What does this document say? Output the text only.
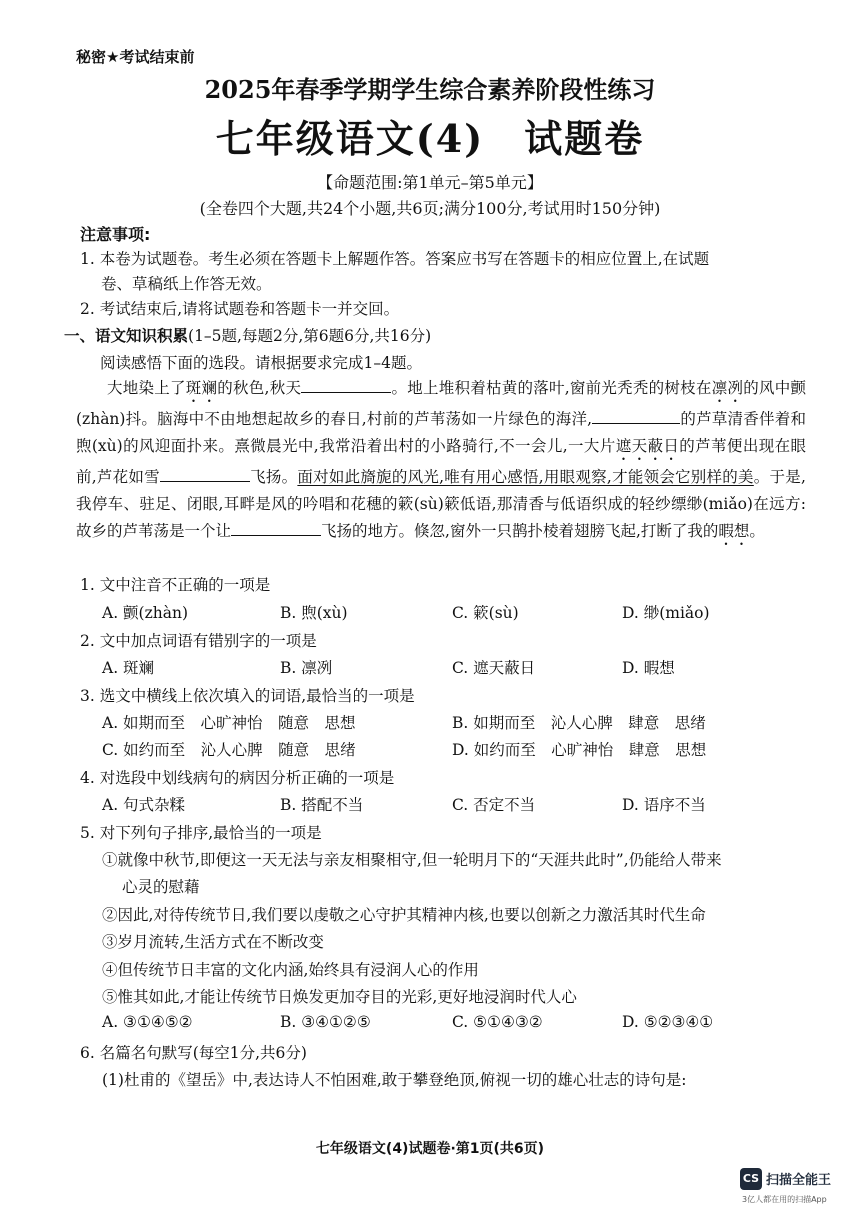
秘密★考试结束前
2025年春季学期学生综合素养阶段性练习
七年级语文(4)　试题卷
【命题范围:第1单元–第5单元】
(全卷四个大题,共24个小题,共6页;满分100分,考试用时150分钟)
注意事项:
1. 本卷为试题卷。考生必须在答题卡上解题作答。答案应书写在答题卡的相应位置上,在试题
卷、草稿纸上作答无效。
2. 考试结束后,请将试题卷和答题卡一并交回。
一、语文知识积累(1–5题,每题2分,第6题6分,共16分)
阅读感悟下面的选段。请根据要求完成1–4题。

大地染上了斑斓的秋色,秋天	。地上堆积着枯黄的落叶,窗前光秃秃的树枝在凛冽的风中颤(zhàn)抖。脑海中不由地想起故乡的春日,村前的芦苇荡如一片绿色的海洋,	的芦草清香伴着和煦(xù)的风迎面扑来。熹微晨光中,我常沿着出村的小路骑行,不一会儿,一大片遮天蔽日的芦苇便出现在眼前,芦花如雪	飞扬。面对如此旖旎的风光,唯有用心感悟,用眼观察,才能领会它别样的美。于是,我停车、驻足、闭眼,耳畔是风的吟唱和花穗的簌(sù)簌低语,那清香与低语织成的轻纱缥缈(miǎo)在远方:故乡的芦苇荡是一个让	飞扬的地方。倏忽,窗外一只鹊扑棱着翅膀飞起,打断了我的暇想。

1. 文中注音不正确的一项是
A. 颤(zhàn)	B. 煦(xù)	C. 簌(sù)	D. 缈(miǎo)
2. 文中加点词语有错别字的一项是
A. 斑斓	B. 凛冽	C. 遮天蔽日	D. 暇想
3. 选文中横线上依次填入的词语,最恰当的一项是
A. 如期而至　心旷神怡　随意　思想	B. 如期而至　沁人心脾　肆意　思绪
C. 如约而至　沁人心脾　随意　思绪	D. 如约而至　心旷神怡　肆意　思想
4. 对选段中划线病句的病因分析正确的一项是
A. 句式杂糅	B. 搭配不当	C. 否定不当	D. 语序不当
5. 对下列句子排序,最恰当的一项是
①就像中秋节,即便这一天无法与亲友相聚相守,但一轮明月下的“天涯共此时”,仍能给人带来
心灵的慰藉
②因此,对待传统节日,我们要以虔敬之心守护其精神内核,也要以创新之力激活其时代生命
③岁月流转,生活方式在不断改变
④但传统节日丰富的文化内涵,始终具有浸润人心的作用
⑤惟其如此,才能让传统节日焕发更加夺目的光彩,更好地浸润时代人心
A. ③①④⑤②	B. ③④①②⑤	C. ⑤①④③②	D. ⑤②③④①
6. 名篇名句默写(每空1分,共6分)
(1)杜甫的《望岳》中,表达诗人不怕困难,敢于攀登绝顶,俯视一切的雄心壮志的诗句是:
七年级语文(4)试题卷·第1页(共6页)
CS 扫描全能王
3亿人都在用的扫描App
